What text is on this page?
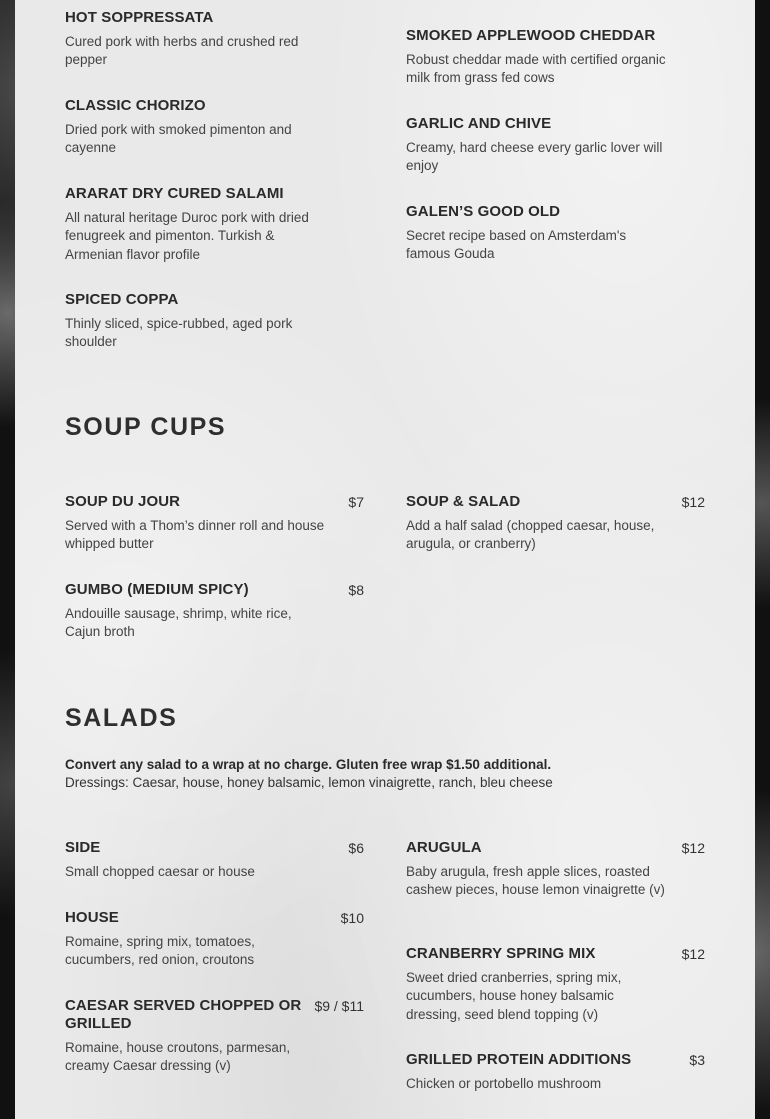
HOT SOPPRESSATA
Cured pork with herbs and crushed red pepper
CLASSIC CHORIZO
Dried pork with smoked pimenton and cayenne
ARARAT DRY CURED SALAMI
All natural heritage Duroc pork with dried fenugreek and pimenton. Turkish & Armenian flavor profile
SPICED COPPA
Thinly sliced, spice-rubbed, aged pork shoulder
SMOKED APPLEWOOD CHEDDAR
Robust cheddar made with certified organic milk from grass fed cows
GARLIC AND CHIVE
Creamy, hard cheese every garlic lover will enjoy
GALEN’S GOOD OLD
Secret recipe based on Amsterdam's famous Gouda
SOUP CUPS
SOUP DU JOUR	$7
Served with a Thom’s dinner roll and house whipped butter
GUMBO (MEDIUM SPICY)	$8
Andouille sausage, shrimp, white rice, Cajun broth
SOUP & SALAD	$12
Add a half salad (chopped caesar, house, arugula, or cranberry)
SALADS
Convert any salad to a wrap at no charge. Gluten free wrap $1.50 additional.
Dressings: Caesar, house, honey balsamic, lemon vinaigrette, ranch, bleu cheese
SIDE	$6
Small chopped caesar or house
HOUSE	$10
Romaine, spring mix, tomatoes, cucumbers, red onion, croutons
CAESAR SERVED CHOPPED OR GRILLED
$9 / $11
Romaine, house croutons, parmesan, creamy Caesar dressing (v)
ARUGULA	$12
Baby arugula, fresh apple slices, roasted cashew pieces, house lemon vinaigrette (v)
CRANBERRY SPRING MIX	$12
Sweet dried cranberries, spring mix, cucumbers, house honey balsamic dressing, seed blend topping (v)
GRILLED PROTEIN ADDITIONS	$3
Chicken or portobello mushroom
